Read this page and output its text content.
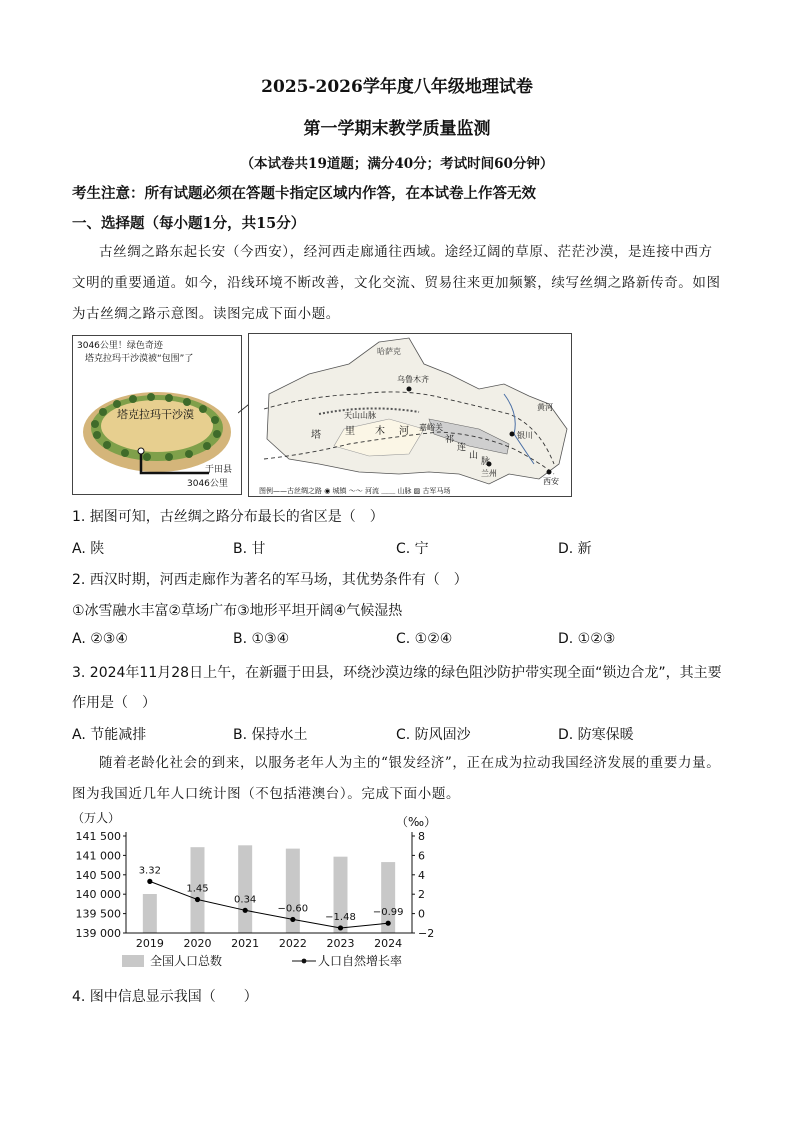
2025-2026学年度八年级地理试卷
第一学期末教学质量监测
（本试卷共19道题；满分40分；考试时间60分钟）
考生注意：所有试题必须在答题卡指定区域内作答，在本试卷上作答无效
一、选择题（每小题1分，共15分）
古丝绸之路东起长安（今西安），经河西走廊通往西域。途经辽阔的草原、茫茫沙漠，是连接中西方文明的重要通道。如今，沿线环境不断改善，文化交流、贸易往来更加频繁，续写丝绸之路新传奇。如图为古丝绸之路示意图。读图完成下面小题。
3046公里！绿色奇迹
塔克拉玛干沙漠被“包围”了
塔克拉玛干沙漠
于田县
3046公里
哈萨克
乌鲁木齐
天山山脉
塔 里 木 河 嘉峪关
祁
连
山
脉
黄河
银川
兰州
西安
图例——古丝绸之路 ◉ 城镇 ～～ 河流 ﹏﹏ 山脉 ▨ 古军马场
1. 据图可知，古丝绸之路分布最长的省区是（　）
A. 陕	B. 甘	C. 宁	D. 新
2. 西汉时期，河西走廊作为著名的军马场，其优势条件有（　）
①冰雪融水丰富②草场广布③地形平坦开阔④气候湿热
A. ②③④	B. ①③④	C. ①②④	D. ①②③
3. 2024年11月28日上午，在新疆于田县，环绕沙漠边缘的绿色阻沙防护带实现全面“锁边合龙”，其主要
作用是（　）
A. 节能减排	B. 保持水土	C. 防风固沙	D. 防寒保暖
随着老龄化社会的到来，以服务老年人为主的“银发经济”，正在成为拉动我国经济发展的重要力量。图为我国近几年人口统计图（不包括港澳台）。完成下面小题。
（万人）	（‰）
141 500
141 000
140 500
140 000
139 500
139 000
8
6
4
2
0
−2
2019 2020 2021 2022 2023 2024
3.32
1.45
0.34
−0.60
−1.48 −0.99
全国人口总数	人口自然增长率
4. 图中信息显示我国（　　）
